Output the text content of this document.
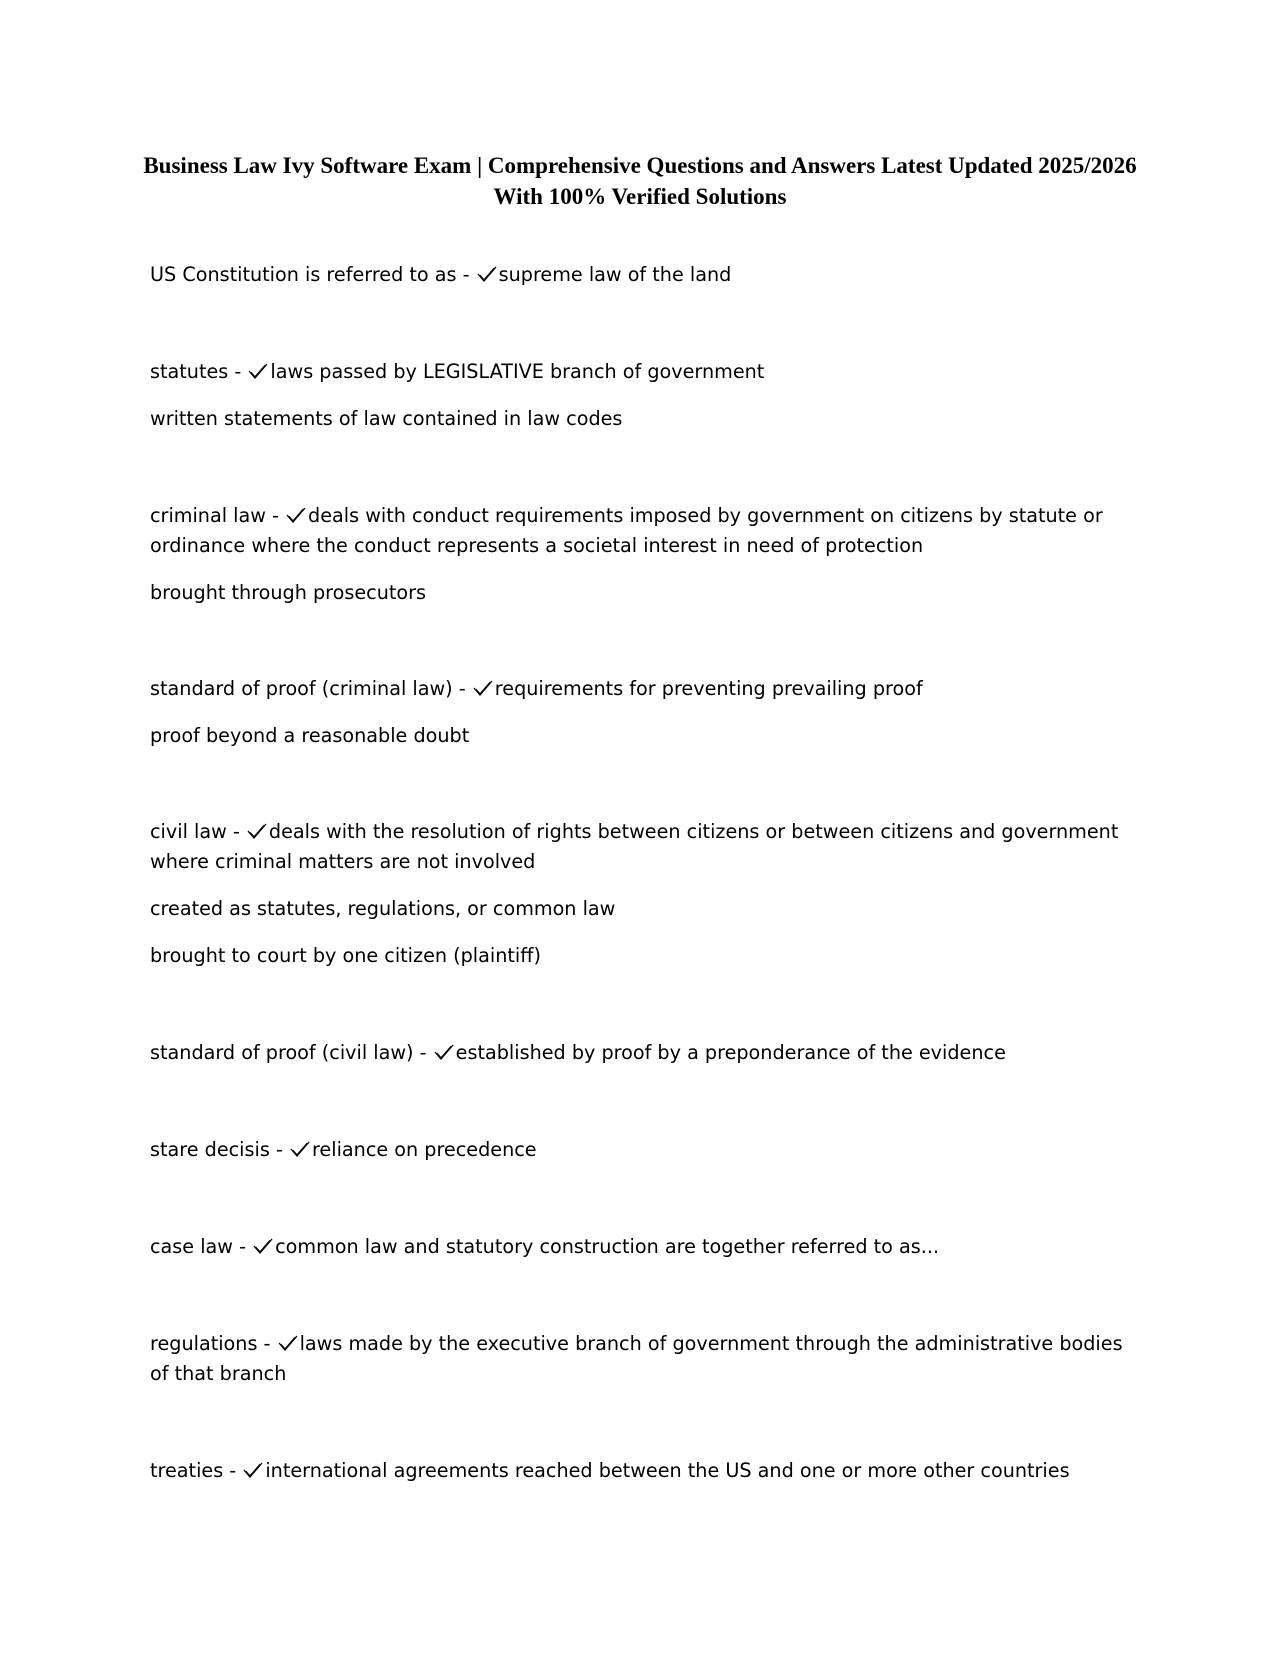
Business Law Ivy Software Exam | Comprehensive Questions and Answers Latest Updated 2025/2026 With 100% Verified Solutions

US Constitution is referred to as -
supreme law of the land

statutes -
laws passed by LEGISLATIVE branch of government

written statements of law contained in law codes

criminal law -
deals with conduct requirements imposed by government on citizens by statute or ordinance where the conduct represents a societal interest in need of protection

brought through prosecutors

standard of proof (criminal law) -
requirements for preventing prevailing proof

proof beyond a reasonable doubt

civil law -
deals with the resolution of rights between citizens or between citizens and government where criminal matters are not involved

created as statutes, regulations, or common law

brought to court by one citizen (plaintiff)

standard of proof (civil law) -
established by proof by a preponderance of the evidence

stare decisis -
reliance on precedence

case law -
common law and statutory construction are together referred to as...

regulations -
laws made by the executive branch of government through the administrative bodies of that branch

treaties -
international agreements reached between the US and one or more other countries
